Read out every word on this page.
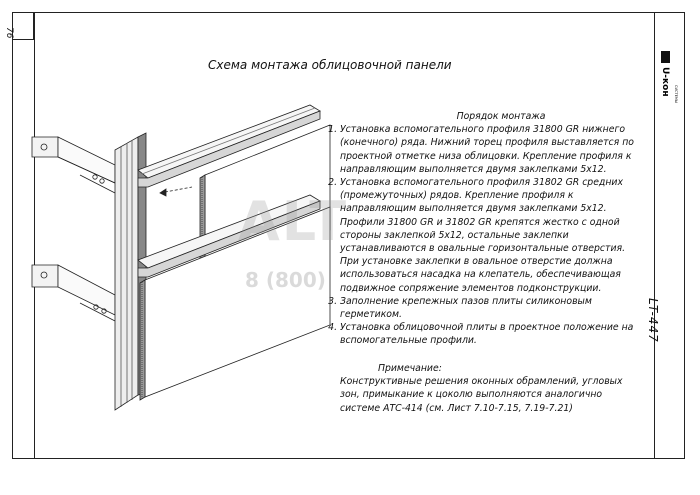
76
U-кон СИСТЕМЫ
LT-447
Схема монтажа облицовочной панели
ALT
8 (800)
Порядок монтажа
1. Установка вспомогательного профиля 31800 GR нижнего (конечного) ряда. Нижний торец профиля выставляется по проектной отметке низа облицовки. Крепление профиля к направляющим выполняется двумя заклепками 5x12.
2. Установка вспомогательного профиля 31802 GR средних (промежуточных) рядов. Крепление профиля к направляющим выполняется двумя заклепками 5x12. Профили 31800 GR и 31802 GR крепятся жестко с одной стороны заклепкой 5x12, остальные заклепки устанавливаются в овальные горизонтальные отверстия. При установке заклепки в овальное отверстие должна использоваться насадка на клепатель, обеспечивающая подвижное сопряжение элементов подконструкции.
3. Заполнение крепежных пазов плиты силиконовым герметиком.
4. Установка облицовочной плиты в проектное положение на вспомогательные профили.
Примечание:
Конструктивные решения оконных обрамлений, угловых зон, примыкание к цоколю выполняются аналогично системе АТС-414 (см. Лист 7.10-7.15, 7.19-7.21)
